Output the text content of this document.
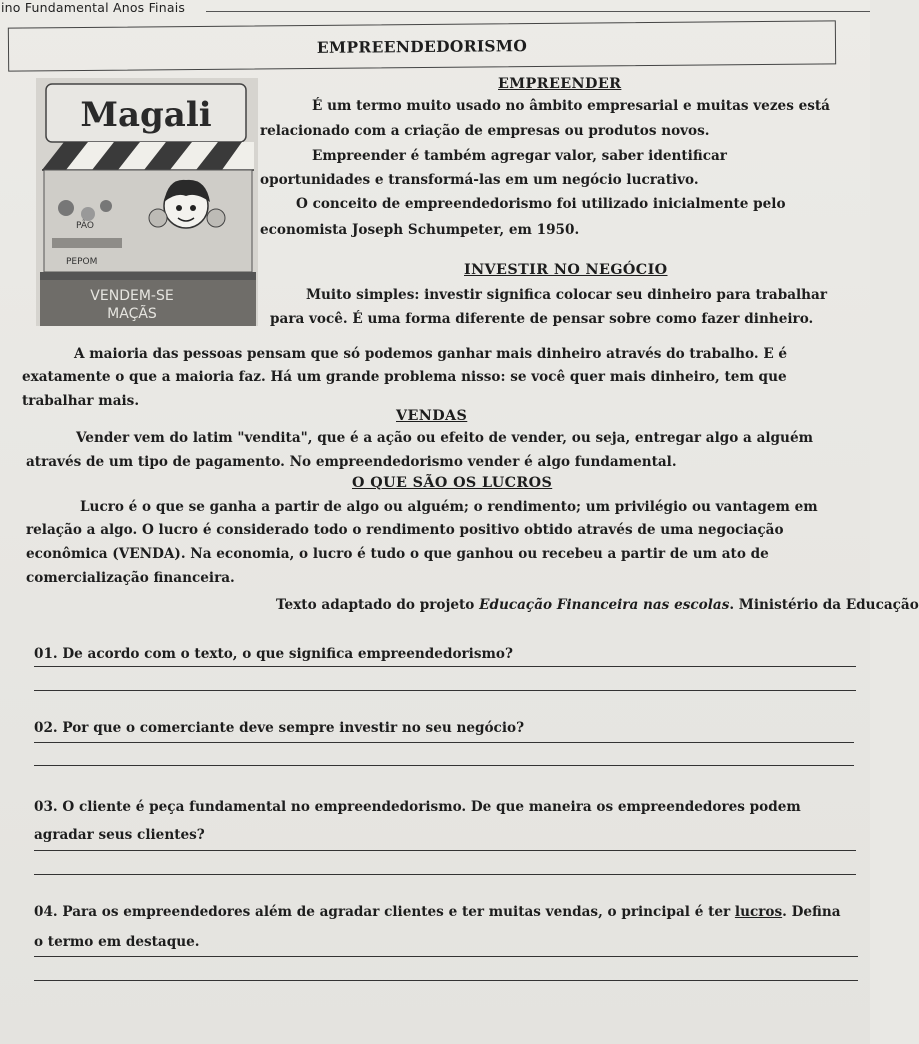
ino Fundamental Anos Finais
EMPREENDEDORISMO
Magali
PÃO
PEPOM
VENDEM-SE
MAÇÃS
EMPREENDER
É um termo muito usado no âmbito empresarial e muitas vezes está
relacionado com a criação de empresas ou produtos novos.
Empreender é também agregar valor, saber identificar
oportunidades e transformá-las em um negócio lucrativo.
O conceito de empreendedorismo foi utilizado inicialmente pelo
economista Joseph Schumpeter, em 1950.
INVESTIR NO NEGÓCIO
Muito simples: investir significa colocar seu dinheiro para trabalhar
para você. É uma forma diferente de pensar sobre como fazer dinheiro.
A maioria das pessoas pensam que só podemos ganhar mais dinheiro através do trabalho. E é
exatamente o que a maioria faz. Há um grande problema nisso: se você quer mais dinheiro, tem que
trabalhar mais.
VENDAS
Vender vem do latim "vendita", que é a ação ou efeito de vender, ou seja, entregar algo a alguém
através de um tipo de pagamento. No empreendedorismo vender é algo fundamental.
O QUE SÃO OS LUCROS
Lucro é o que se ganha a partir de algo ou alguém; o rendimento; um privilégio ou vantagem em
relação a algo. O lucro é considerado todo o rendimento positivo obtido através de uma negociação
econômica (VENDA). Na economia, o lucro é tudo o que ganhou ou recebeu a partir de um ato de
comercialização financeira.
Texto adaptado do projeto Educação Financeira nas escolas. Ministério da Educação
01. De acordo com o texto, o que significa empreendedorismo?
02. Por que o comerciante deve sempre investir no seu negócio?
03. O cliente é peça fundamental no empreendedorismo. De que maneira os empreendedores podem
agradar seus clientes?
04. Para os empreendedores além de agradar clientes e ter muitas vendas, o principal é ter lucros. Defina
o termo em destaque.
